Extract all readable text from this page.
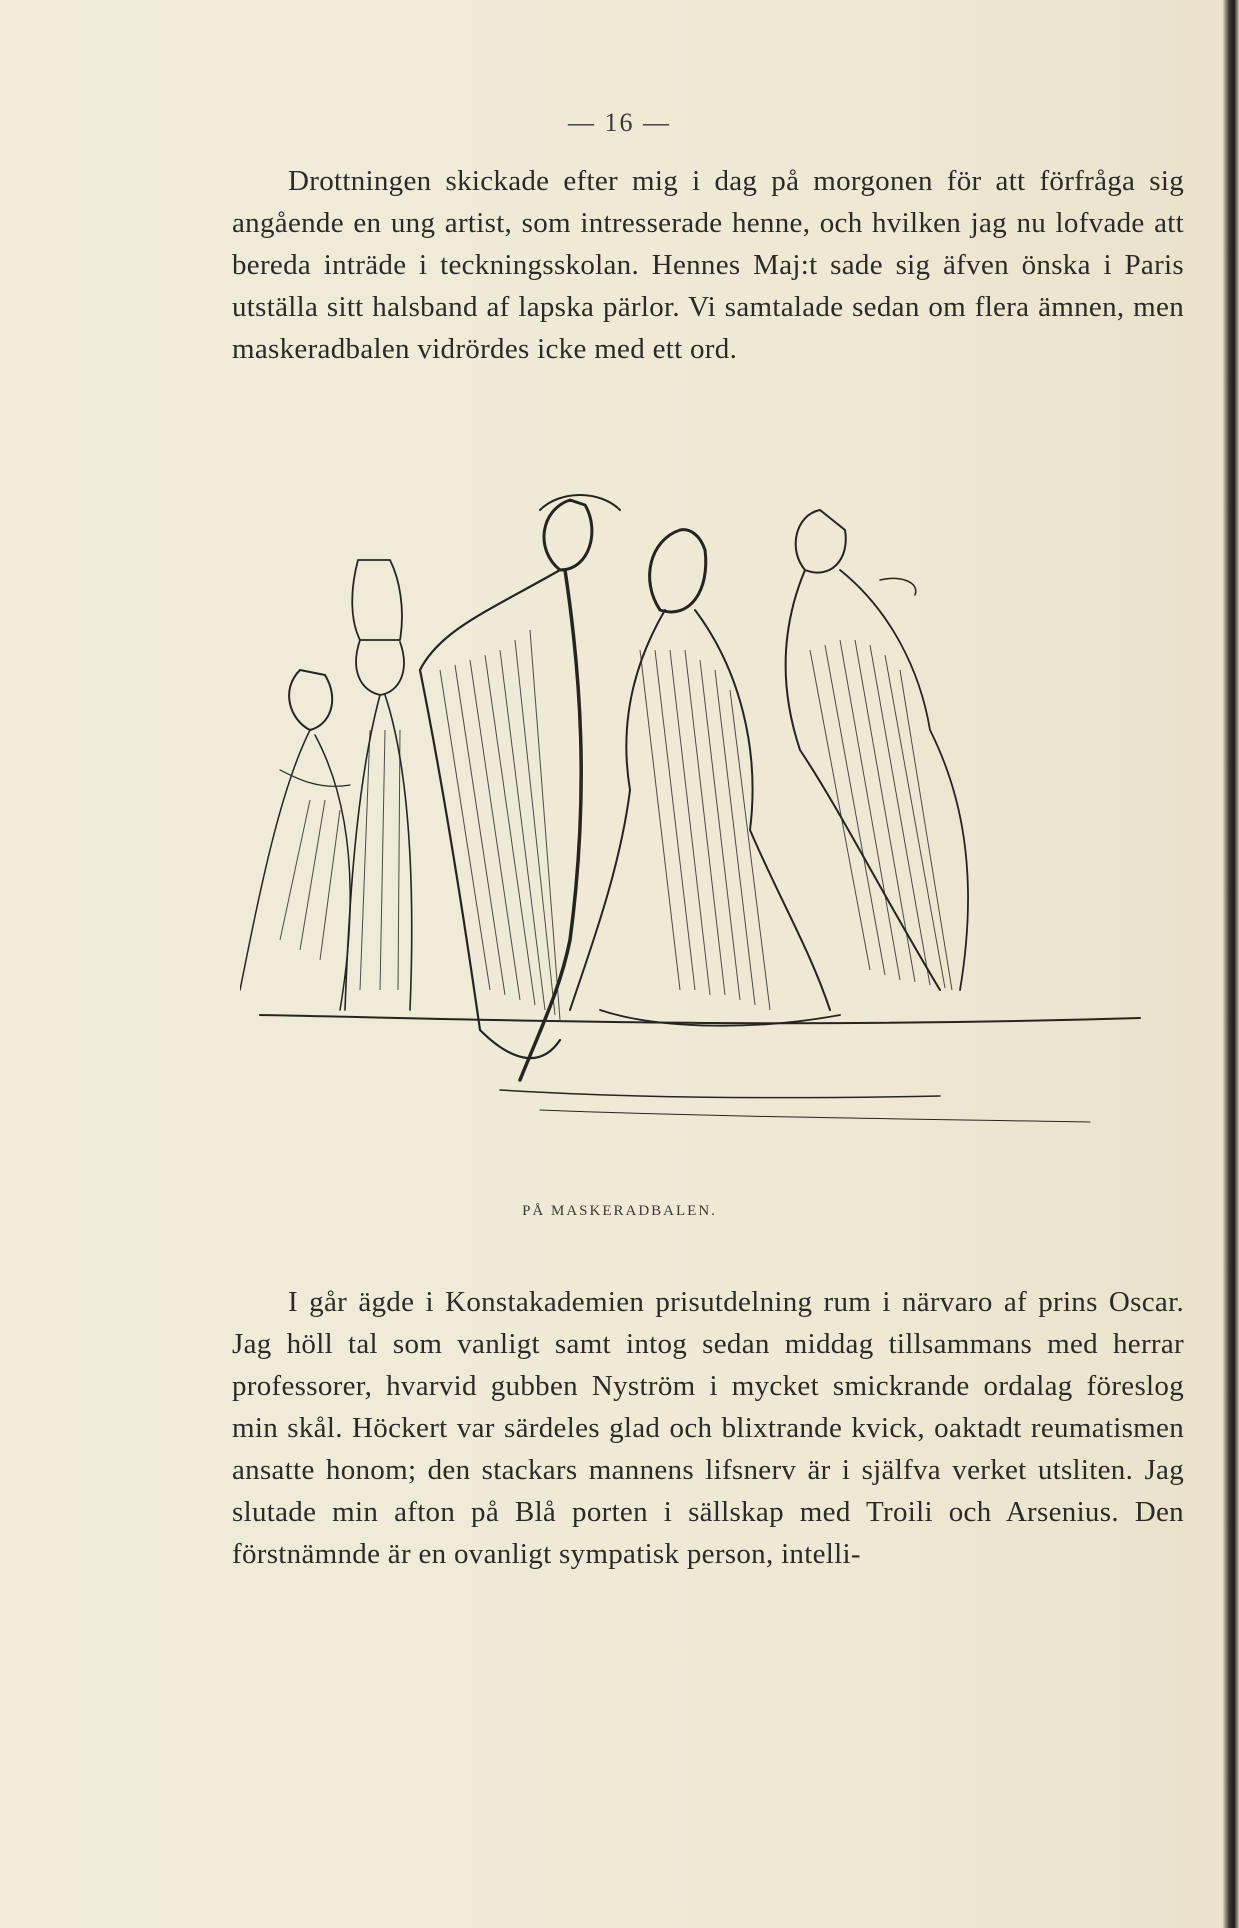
— 16 —

Drottningen skickade efter mig i dag på morgonen för att förfråga sig angående en ung artist, som intresserade henne, och hvilken jag nu lofvade att bereda inträde i teckningsskolan. Hennes Maj:t sade sig äfven önska i Paris utställa sitt halsband af lapska pärlor. Vi samtalade sedan om flera ämnen, men maskeradbalen vidrördes icke med ett ord.

PÅ MASKERADBALEN.

I går ägde i Konstakademien prisutdelning rum i närvaro af prins Oscar. Jag höll tal som vanligt samt intog sedan middag tillsammans med herrar professorer, hvarvid gubben Nyström i mycket smickrande ordalag föreslog min skål. Höckert var särdeles glad och blixtrande kvick, oaktadt reumatismen ansatte honom; den stackars mannens lifsnerv är i själfva verket utsliten. Jag slutade min afton på Blå porten i sällskap med Troili och Arsenius. Den förstnämnde är en ovanligt sympatisk person, intelli-
